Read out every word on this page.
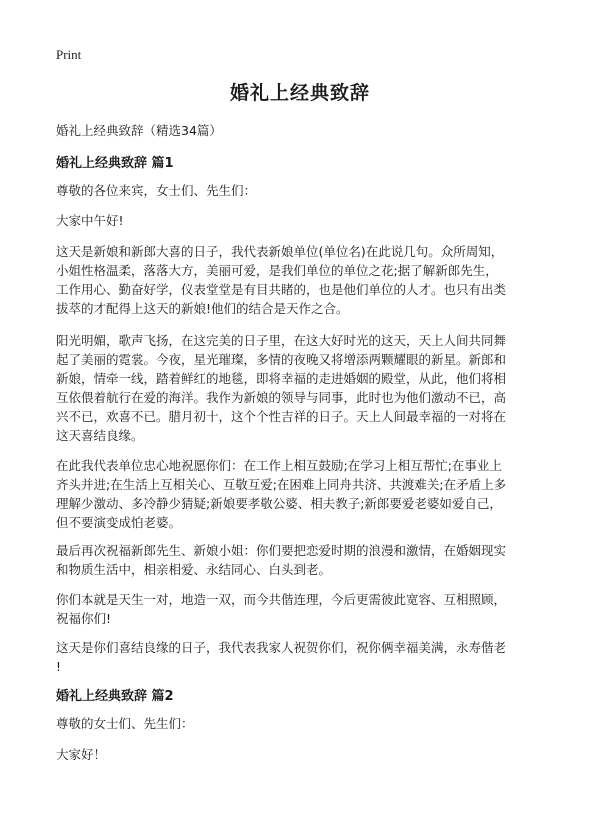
Print
婚礼上经典致辞

婚礼上经典致辞（精选34篇）

婚礼上经典致辞 篇1

尊敬的各位来宾，女士们、先生们：

大家中午好!

这天是新娘和新郎大喜的日子，我代表新娘单位(单位名)在此说几句。众所周知，
小姐性格温柔，落落大方，美丽可爱，是我们单位的单位之花;据了解新郎先生，
工作用心、勤奋好学，仪表堂堂是有目共睹的，也是他们单位的人才。也只有出类
拔萃的才配得上这天的新娘!他们的结合是天作之合。

阳光明媚，歌声飞扬，在这完美的日子里，在这大好时光的这天，天上人间共同舞
起了美丽的霓裳。今夜，星光璀璨，多情的夜晚又将增添两颗耀眼的新星。新郎和
新娘，情牵一线，踏着鲜红的地毯，即将幸福的走进婚姻的殿堂，从此，他们将相
互依偎着航行在爱的海洋。我作为新娘的领导与同事，此时也为他们激动不已，高
兴不已，欢喜不已。腊月初十，这个个性吉祥的日子。天上人间最幸福的一对将在
这天喜结良缘。

在此我代表单位忠心地祝愿你们：在工作上相互鼓励;在学习上相互帮忙;在事业上
齐头并进;在生活上互相关心、互敬互爱;在困难上同舟共济、共渡难关;在矛盾上多
理解少激动、多冷静少猜疑;新娘要孝敬公婆、相夫教子;新郎要爱老婆如爱自己，
但不要演变成怕老婆。

最后再次祝福新郎先生、新娘小姐：你们要把恋爱时期的浪漫和激情，在婚姻现实
和物质生活中，相亲相爱、永结同心、白头到老。

你们本就是天生一对，地造一双，而今共偕连理，今后更需彼此宽容、互相照顾，
祝福你们!

这天是你们喜结良缘的日子，我代表我家人祝贺你们，祝你俩幸福美满，永寿偕老
!

婚礼上经典致辞 篇2

尊敬的女士们、先生们：

大家好！
